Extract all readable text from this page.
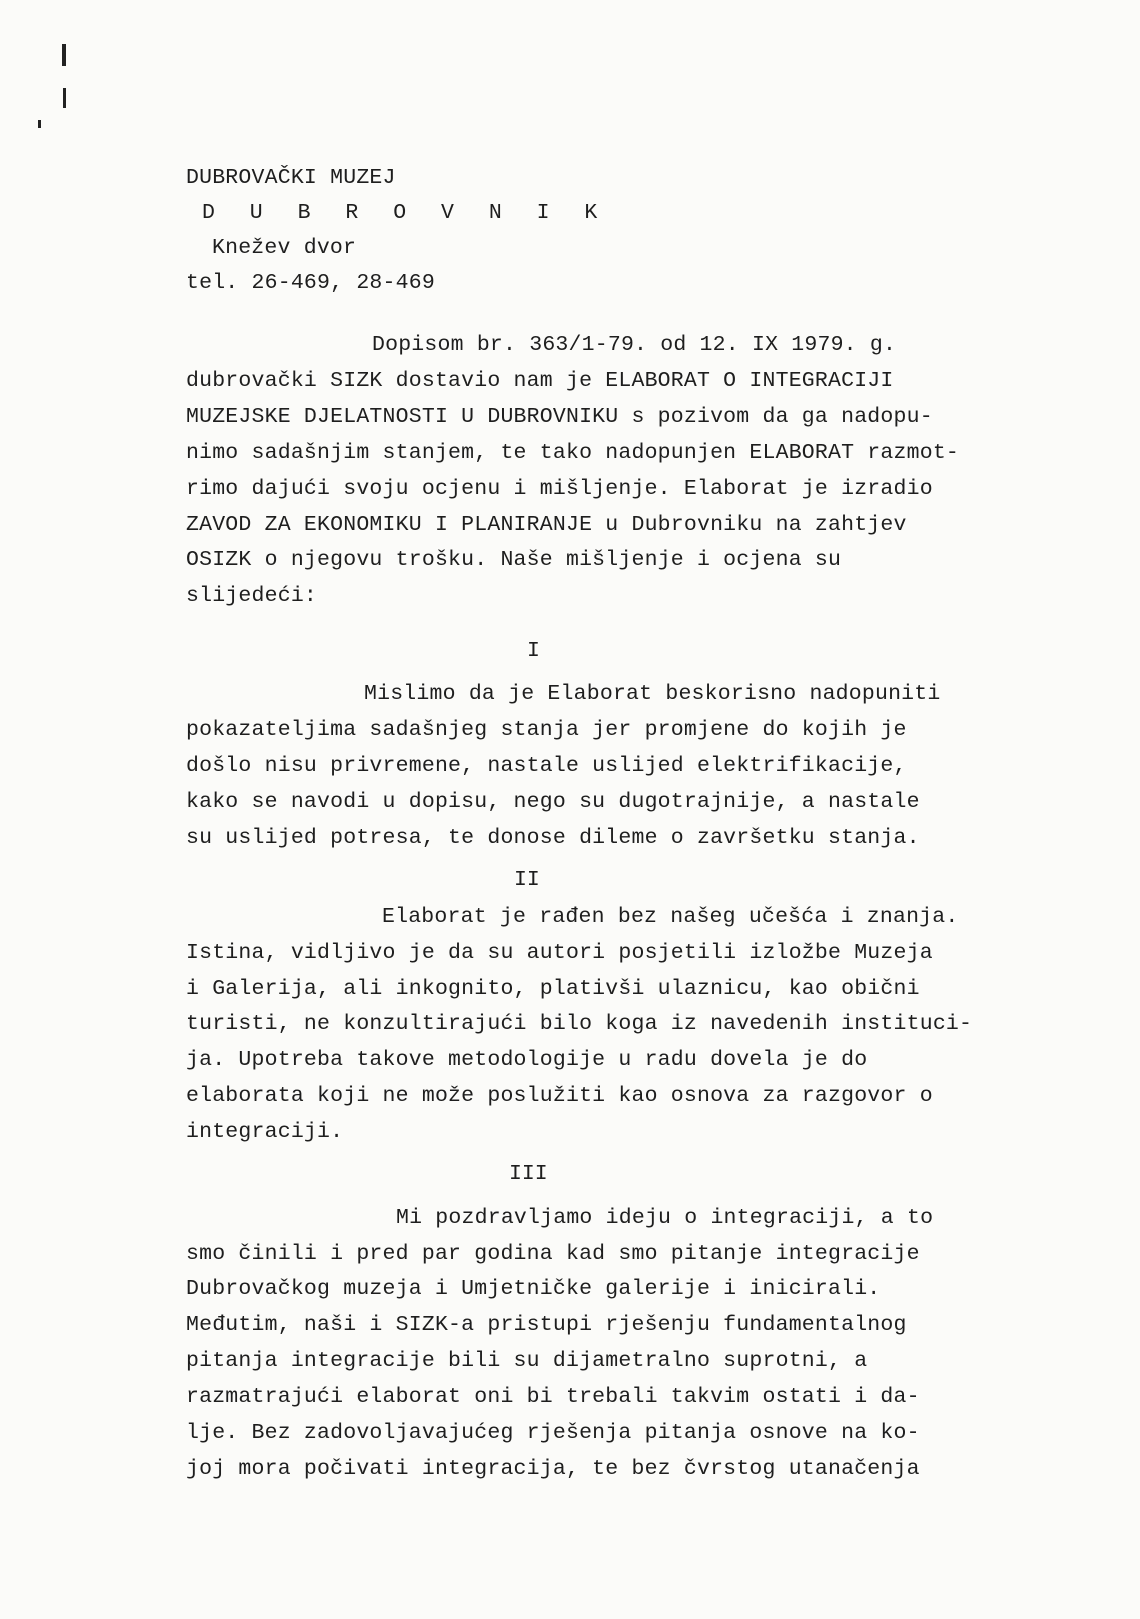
DUBROVAČKI MUZEJ
D U B R O V N I K
Knežev dvor
tel. 26-469, 28-469
Dopisom br. 363/1-79. od 12. IX 1979. g.
dubrovački SIZK dostavio nam je ELABORAT O INTEGRACIJI
MUZEJSKE DJELATNOSTI U DUBROVNIKU s pozivom da ga nadopu-
nimo sadašnjim stanjem, te tako nadopunjen ELABORAT razmot-
rimo dajući svoju ocjenu i mišljenje. Elaborat je izradio
ZAVOD ZA EKONOMIKU I PLANIRANJE u Dubrovniku na zahtjev
OSIZK o njegovu trošku. Naše mišljenje i ocjena su
slijedeći:
I
Mislimo da je Elaborat beskorisno nadopuniti
pokazateljima sadašnjeg stanja jer promjene do kojih je
došlo nisu privremene, nastale uslijed elektrifikacije,
kako se navodi u dopisu, nego su dugotrajnije, a nastale
su uslijed potresa, te donose dileme o završetku stanja.
II
Elaborat je rađen bez našeg učešća i znanja.
Istina, vidljivo je da su autori posjetili izložbe Muzeja
i Galerija, ali inkognito, plativši ulaznicu, kao obični
turisti, ne konzultirajući bilo koga iz navedenih instituci-
ja. Upotreba takove metodologije u radu dovela je do
elaborata koji ne može poslužiti kao osnova za razgovor o
integraciji.
III
Mi pozdravljamo ideju o integraciji, a to
smo činili i pred par godina kad smo pitanje integracije
Dubrovačkog muzeja i Umjetničke galerije i inicirali.
Međutim, naši i SIZK-a pristupi rješenju fundamentalnog
pitanja integracije bili su dijametralno suprotni, a
razmatrajući elaborat oni bi trebali takvim ostati i da-
lje. Bez zadovoljavajućeg rješenja pitanja osnove na ko-
joj mora počivati integracija, te bez čvrstog utanačenja
